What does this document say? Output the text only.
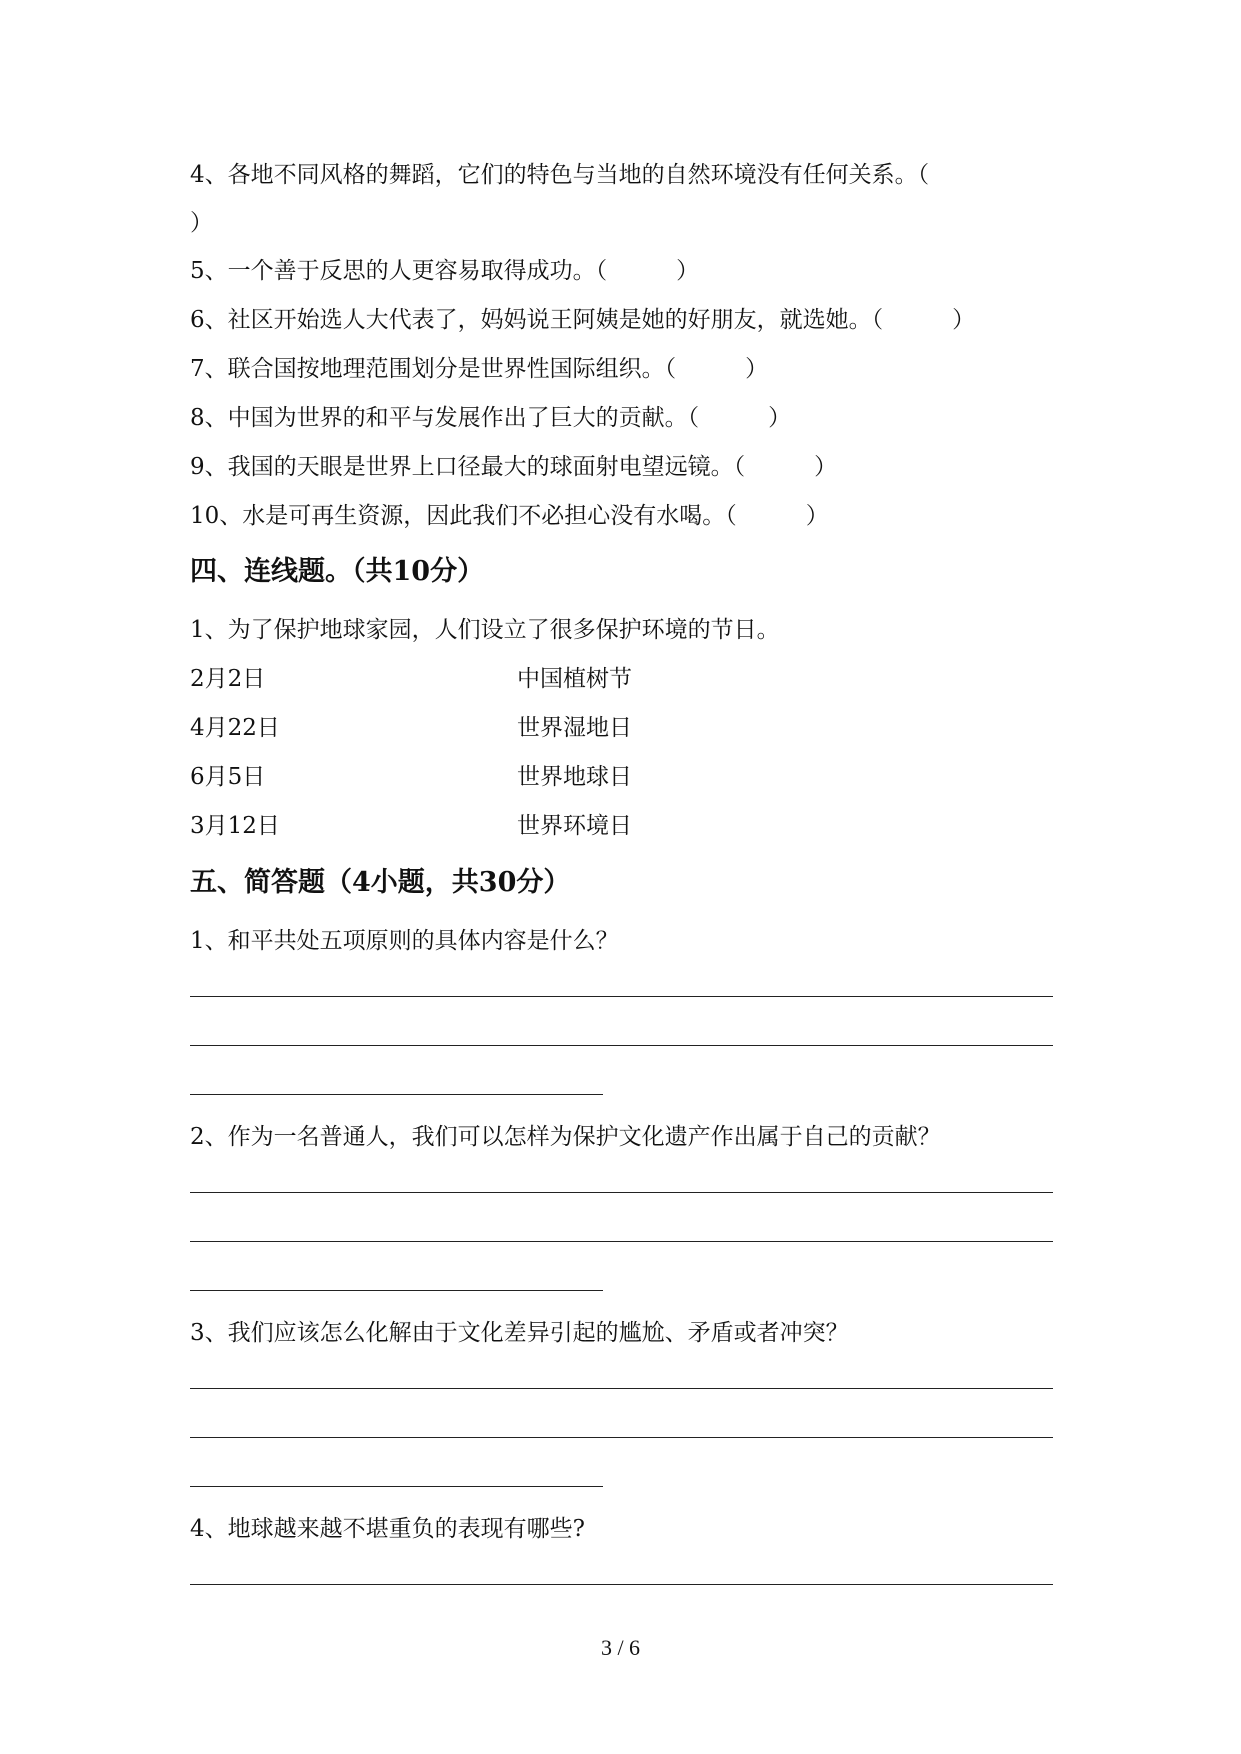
4、各地不同风格的舞蹈，它们的特色与当地的自然环境没有任何关系。（
）
5、一个善于反思的人更容易取得成功。（　　　）
6、社区开始选人大代表了，妈妈说王阿姨是她的好朋友，就选她。（　　　）
7、联合国按地理范围划分是世界性国际组织。（　　　）
8、中国为世界的和平与发展作出了巨大的贡献。（　　　）
9、我国的天眼是世界上口径最大的球面射电望远镜。（　　　）
10、水是可再生资源，因此我们不必担心没有水喝。（　　　）
四、连线题。（共10分）
1、为了保护地球家园，人们设立了很多保护环境的节日。
2月2日	中国植树节
4月22日	世界湿地日
6月5日	世界地球日
3月12日	世界环境日
五、简答题（4小题，共30分）
1、和平共处五项原则的具体内容是什么？
2、作为一名普通人，我们可以怎样为保护文化遗产作出属于自己的贡献？
3、我们应该怎么化解由于文化差异引起的尴尬、矛盾或者冲突？
4、地球越来越不堪重负的表现有哪些?
3 / 6
